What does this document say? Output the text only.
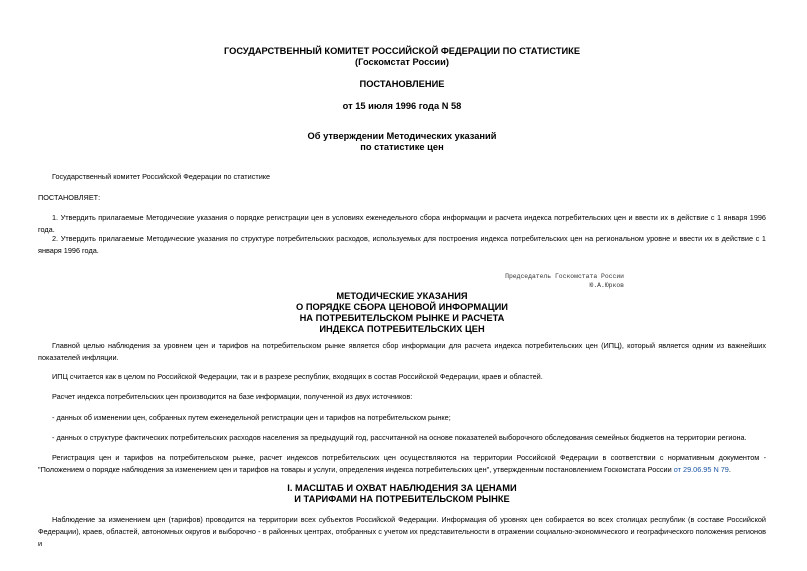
ГОСУДАРСТВЕННЫЙ КОМИТЕТ РОССИЙСКОЙ ФЕДЕРАЦИИ ПО СТАТИСТИКЕ
(Госкомстат России)
ПОСТАНОВЛЕНИЕ
от 15 июля 1996 года N 58
Об утверждении Методических указаний
по статистике цен
Государственный комитет Российской Федерации по статистике
ПОСТАНОВЛЯЕТ:
1. Утвердить прилагаемые Методические указания о порядке регистрации цен в условиях еженедельного сбора информации и расчета индекса потребительских цен и ввести их в действие с 1 января 1996 года.
2. Утвердить прилагаемые Методические указания по структуре потребительских расходов, используемых для построения индекса потребительских цен на региональном уровне и ввести их в действие с 1 января 1996 года.
Председатель Госкомстата России
Ю.А.Юрков
МЕТОДИЧЕСКИЕ УКАЗАНИЯ
О ПОРЯДКЕ СБОРА ЦЕНОВОЙ ИНФОРМАЦИИ
НА ПОТРЕБИТЕЛЬСКОМ РЫНКЕ И РАСЧЕТА
ИНДЕКСА ПОТРЕБИТЕЛЬСКИХ ЦЕН
Главной целью наблюдения за уровнем цен и тарифов на потребительском рынке является сбор информации для расчета индекса потребительских цен (ИПЦ), который является одним из важнейших показателей инфляции.
ИПЦ считается как в целом по Российской Федерации, так и в разрезе республик, входящих в состав Российской Федерации, краев и областей.
Расчет индекса потребительских цен производится на базе информации, полученной из двух источников:
- данных об изменении цен, собранных путем еженедельной регистрации цен и тарифов на потребительском рынке;
- данных о структуре фактических потребительских расходов населения за предыдущий год, рассчитанной на основе показателей выборочного обследования семейных бюджетов на территории региона.
Регистрация цен и тарифов на потребительском рынке, расчет индексов потребительских цен осуществляются на территории Российской Федерации в соответствии с нормативным документом - "Положением о порядке наблюдения за изменением цен и тарифов на товары и услуги, определения индекса потребительских цен", утвержденным постановлением Госкомстата России от 29.06.95 N 79.
I. МАСШТАБ И ОХВАТ НАБЛЮДЕНИЯ ЗА ЦЕНАМИ
И ТАРИФАМИ НА ПОТРЕБИТЕЛЬСКОМ РЫНКЕ
Наблюдение за изменением цен (тарифов) проводится на территории всех субъектов Российской Федерации. Информация об уровнях цен собирается во всех столицах республик (в составе Российской Федерации), краев, областей, автономных округов и выборочно - в районных центрах, отобранных с учетом их представительности в отражении социально-экономического и географического положения регионов и
